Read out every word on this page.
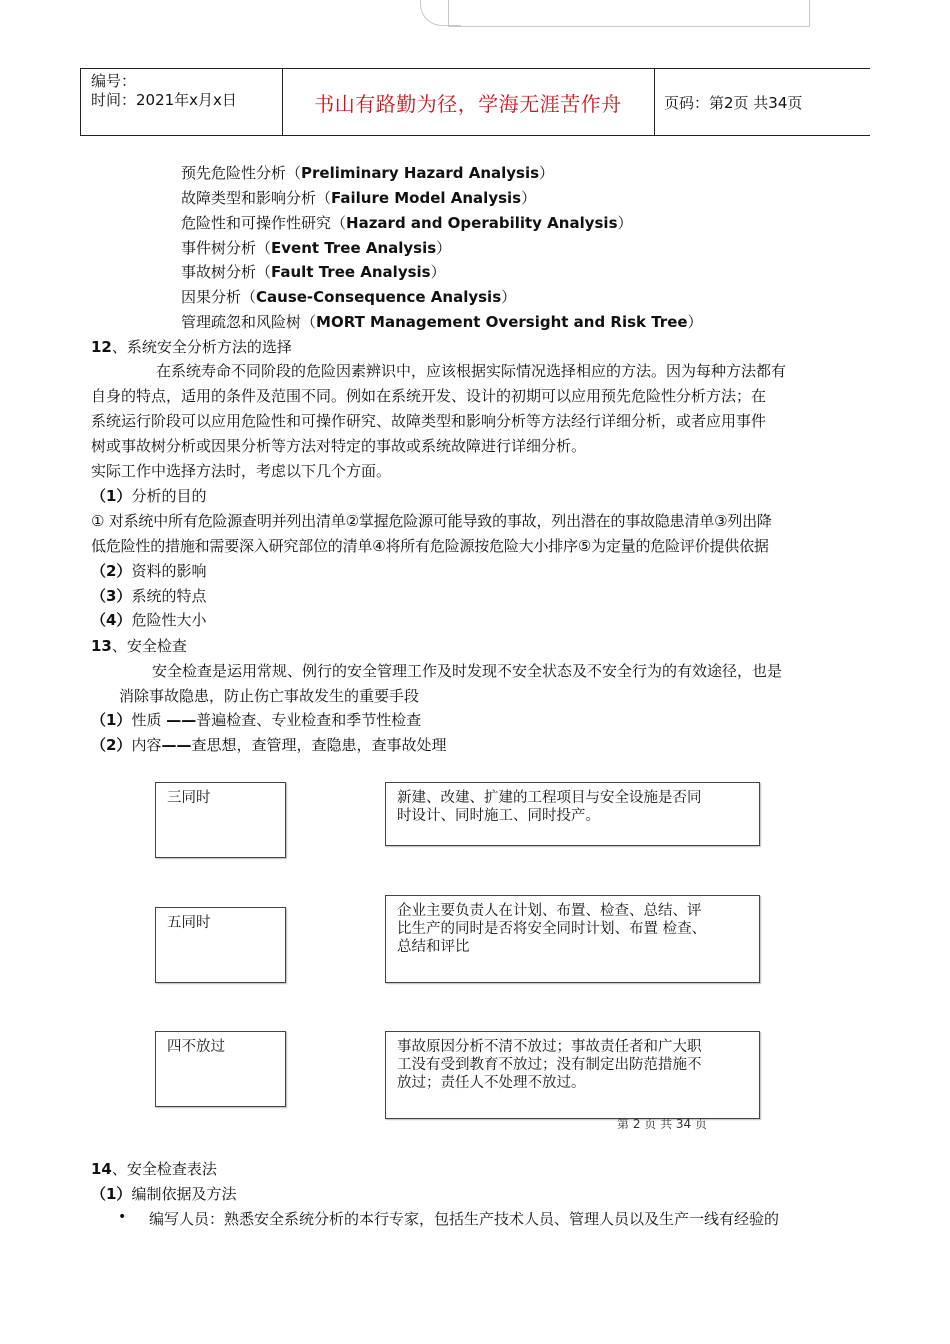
编号：
时间：2021年x月x日	书山有路勤为径，学海无涯苦作舟	页码：第2页 共34页
预先危险性分析（Preliminary Hazard Analysis）
故障类型和影响分析（Failure Model Analysis）
危险性和可操作性研究（Hazard and Operability Analysis）
事件树分析（Event Tree Analysis）
事故树分析（Fault Tree Analysis）
因果分析（Cause-Consequence Analysis）
管理疏忽和风险树（MORT Management Oversight and Risk Tree）
12、系统安全分析方法的选择
在系统寿命不同阶段的危险因素辨识中，应该根据实际情况选择相应的方法。因为每种方法都有
自身的特点，适用的条件及范围不同。例如在系统开发、设计的初期可以应用预先危险性分析方法；在
系统运行阶段可以应用危险性和可操作研究、故障类型和影响分析等方法经行详细分析，或者应用事件
树或事故树分析或因果分析等方法对特定的事故或系统故障进行详细分析。
实际工作中选择方法时，考虑以下几个方面。
（1）分析的目的
① 对系统中所有危险源查明并列出清单②掌握危险源可能导致的事故，列出潜在的事故隐患清单③列出降
低危险性的措施和需要深入研究部位的清单④将所有危险源按危险大小排序⑤为定量的危险评价提供依据
（2）资料的影响
（3）系统的特点
（4）危险性大小
13、安全检查
安全检查是运用常规、例行的安全管理工作及时发现不安全状态及不安全行为的有效途径，也是
消除事故隐患，防止伤亡事故发生的重要手段
（1）性质 ——普遍检查、专业检查和季节性检查
（2）内容——查思想，查管理，查隐患，查事故处理
三同时	新建、改建、扩建的工程项目与安全设施是否同
时设计、同时施工、同时投产。
五同时
企业主要负责人在计划、布置、检查、总结、评
比生产的同时是否将安全同时计划、布置 检查、
总结和评比
四不放过	事故原因分析不清不放过；事故责任者和广大职
工没有受到教育不放过；没有制定出防范措施不
放过；责任人不处理不放过。
第 2 页 共 34 页
14、安全检查表法
（1）编制依据及方法
• 编写人员：熟悉安全系统分析的本行专家，包括生产技术人员、管理人员以及生产一线有经验的
